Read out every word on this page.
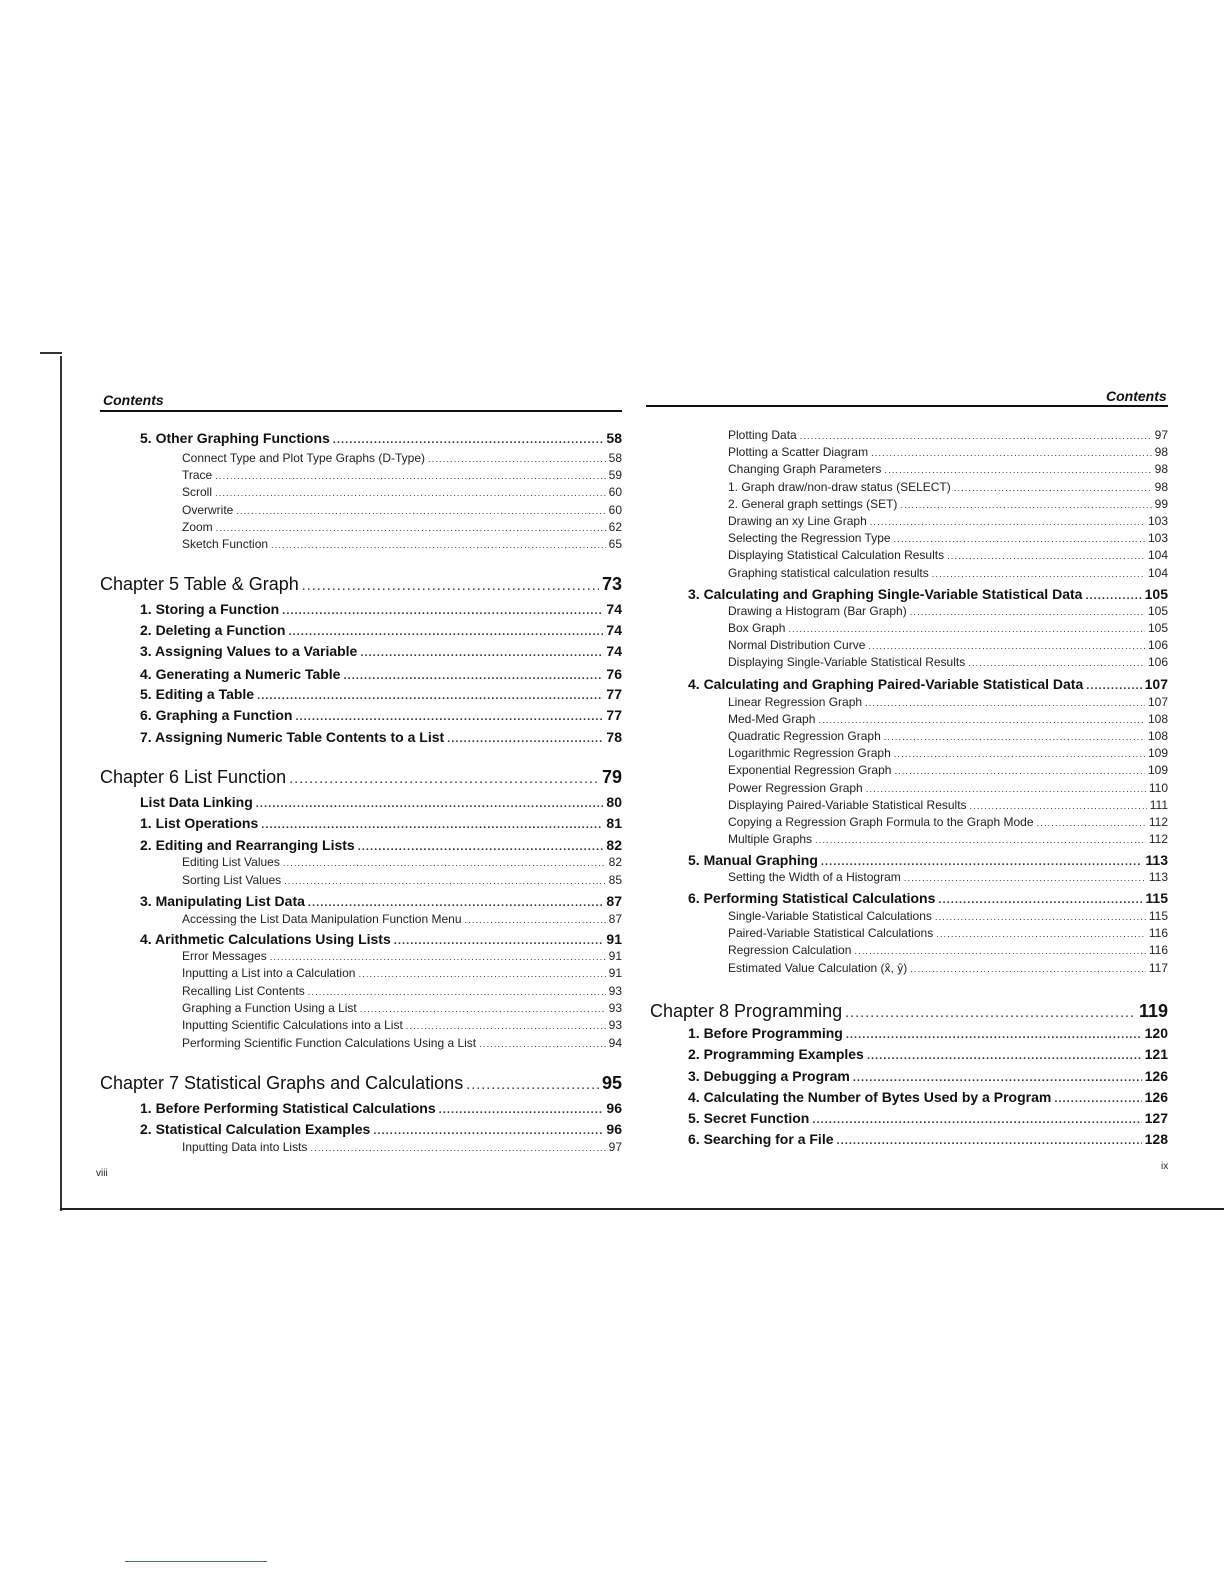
Contents	Contents
5. Other Graphing Functions .....	58
Connect Type and Plot Type Graphs (D-Type) .....	58
Trace .....	59
Scroll .....	60
Overwrite .....	60
Zoom .....	62
Sketch Function .....	65
Chapter 5 Table & Graph .....	73
1. Storing a Function .....	74
2. Deleting a Function .....	74
3. Assigning Values to a Variable .....	74
4. Generating a Numeric Table .....	76
5. Editing a Table .....	77
6. Graphing a Function .....	77
7. Assigning Numeric Table Contents to a List .....	78
Chapter 6 List Function .....	79
List Data Linking .....	80
1. List Operations .....	81
2. Editing and Rearranging Lists .....	82
Editing List Values .....	82
Sorting List Values .....	85
3. Manipulating List Data .....	87
Accessing the List Data Manipulation Function Menu .....	87
4. Arithmetic Calculations Using Lists .....	91
Error Messages .....	91
Inputting a List into a Calculation .....	91
Recalling List Contents .....	93
Graphing a Function Using a List .....	93
Inputting Scientific Calculations into a List .....	93
Performing Scientific Function Calculations Using a List .....	94
Chapter 7 Statistical Graphs and Calculations .....	95
1. Before Performing Statistical Calculations .....	96
2. Statistical Calculation Examples .....	96
Inputting Data into Lists .....	97
Plotting Data .....	97
Plotting a Scatter Diagram .....	98
Changing Graph Parameters .....	98
1. Graph draw/non-draw status (SELECT) .....	98
2. General graph settings (SET) .....	99
Drawing an xy Line Graph .....	103
Selecting the Regression Type .....	103
Displaying Statistical Calculation Results .....	104
Graphing statistical calculation results .....	104
3. Calculating and Graphing Single-Variable Statistical Data .....	105
Drawing a Histogram (Bar Graph) .....	105
Box Graph .....	105
Normal Distribution Curve .....	106
Displaying Single-Variable Statistical Results .....	106
4. Calculating and Graphing Paired-Variable Statistical Data .....	107
Linear Regression Graph .....	107
Med-Med Graph .....	108
Quadratic Regression Graph .....	108
Logarithmic Regression Graph .....	109
Exponential Regression Graph .....	109
Power Regression Graph .....	110
Displaying Paired-Variable Statistical Results .....	111
Copying a Regression Graph Formula to the Graph Mode .....	112
Multiple Graphs .....	112
5. Manual Graphing .....	113
Setting the Width of a Histogram .....	113
6. Performing Statistical Calculations .....	115
Single-Variable Statistical Calculations .....	115
Paired-Variable Statistical Calculations .....	116
Regression Calculation .....	116
Estimated Value Calculation (x̂, ŷ) .....	117
Chapter 8 Programming .....	119
1. Before Programming .....	120
2. Programming Examples .....	121
3. Debugging a Program .....	126
4. Calculating the Number of Bytes Used by a Program .....	126
5. Secret Function .....	127
6. Searching for a File .....	128
viii
ix
